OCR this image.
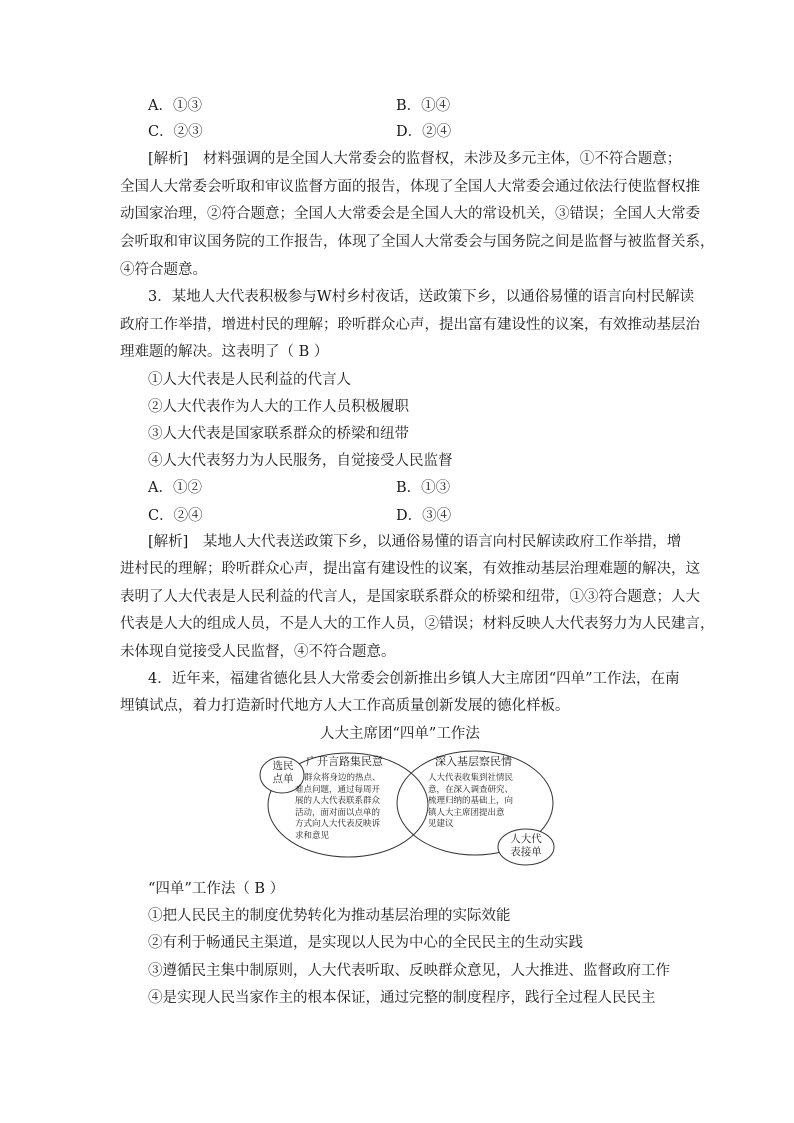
A．①③	B．①④
C．②③	D．②④
[解析]　材料强调的是全国人大常委会的监督权，未涉及多元主体，①不符合题意；
全国人大常委会听取和审议监督方面的报告，体现了全国人大常委会通过依法行使监督权推
动国家治理，②符合题意；全国人大常委会是全国人大的常设机关，③错误；全国人大常委
会听取和审议国务院的工作报告，体现了全国人大常委会与国务院之间是监督与被监督关系，
④符合题意。
3．某地人大代表积极参与W村乡村夜话，送政策下乡，以通俗易懂的语言向村民解读
政府工作举措，增进村民的理解；聆听群众心声，提出富有建设性的议案，有效推动基层治
理难题的解决。这表明了（ B ）
①人大代表是人民利益的代言人
②人大代表作为人大的工作人员积极履职
③人大代表是国家联系群众的桥梁和纽带
④人大代表努力为人民服务，自觉接受人民监督
A．①②	B．①③
C．②④	D．③④
[解析]　某地人大代表送政策下乡，以通俗易懂的语言向村民解读政府工作举措，增
进村民的理解；聆听群众心声，提出富有建设性的议案，有效推动基层治理难题的解决，这
表明了人大代表是人民利益的代言人，是国家联系群众的桥梁和纽带，①③符合题意；人大
代表是人大的组成人员，不是人大的工作人员，②错误；材料反映人大代表努力为人民建言，
未体现自觉接受人民监督，④不符合题意。
4．近年来，福建省德化县人大常委会创新推出乡镇人大主席团“四单”工作法，在南
埋镇试点，着力打造新时代地方人大工作高质量创新发展的德化样板。
人大主席团“四单”工作法
选民
点单
广开言路集民意
群众将身边的热点、
难点问题，通过每周开
展的人大代表联系群众
活动，面对面以点单的
方式向人大代表反映诉
求和意见
深入基层察民情
人大代表收集到社情民
意，在深入调查研究、
梳理归纳的基础上，向
镇人大主席团提出意
见建议
人大代
表接单
“四单”工作法（ B ）
①把人民民主的制度优势转化为推动基层治理的实际效能
②有利于畅通民主渠道，是实现以人民为中心的全民民主的生动实践
③遵循民主集中制原则，人大代表听取、反映群众意见，人大推进、监督政府工作
④是实现人民当家作主的根本保证，通过完整的制度程序，践行全过程人民民主
